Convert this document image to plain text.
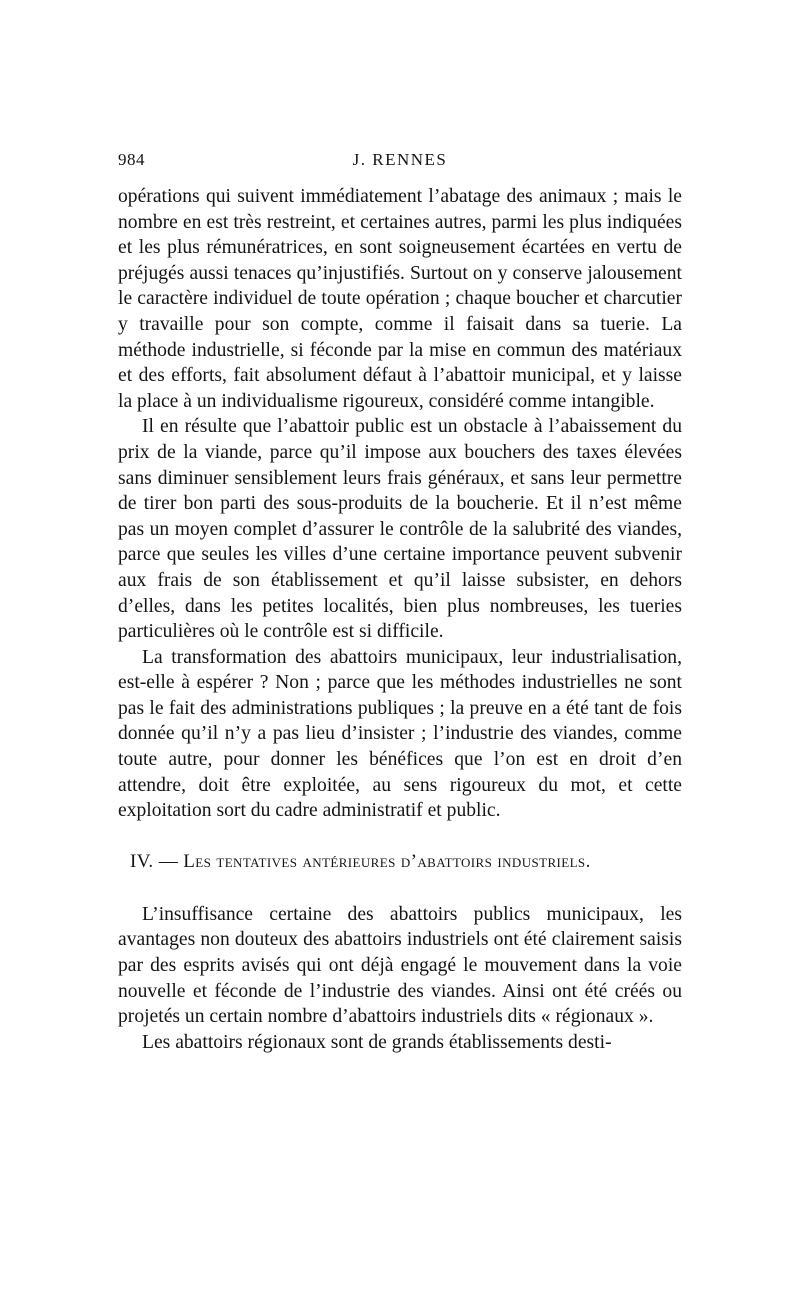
984	J. RENNES

opérations qui suivent immédiatement l’abatage des animaux ; mais le nombre en est très restreint, et certaines autres, parmi les plus indiquées et les plus rémunératrices, en sont soigneusement écartées en vertu de préjugés aussi tenaces qu’injustifiés. Surtout on y conserve jalousement le caractère individuel de toute opération ; chaque boucher et charcutier y travaille pour son compte, comme il faisait dans sa tuerie. La méthode industrielle, si féconde par la mise en commun des matériaux et des efforts, fait absolument défaut à l’abattoir municipal, et y laisse la place à un individualisme rigoureux, considéré comme intangible.

Il en résulte que l’abattoir public est un obstacle à l’abaissement du prix de la viande, parce qu’il impose aux bouchers des taxes élevées sans diminuer sensiblement leurs frais généraux, et sans leur permettre de tirer bon parti des sous-produits de la boucherie. Et il n’est même pas un moyen complet d’assurer le contrôle de la salubrité des viandes, parce que seules les villes d’une certaine importance peuvent subvenir aux frais de son établissement et qu’il laisse subsister, en dehors d’elles, dans les petites localités, bien plus nombreuses, les tueries particulières où le contrôle est si difficile.

La transformation des abattoirs municipaux, leur industrialisation, est-elle à espérer ? Non ; parce que les méthodes industrielles ne sont pas le fait des administrations publiques ; la preuve en a été tant de fois donnée qu’il n’y a pas lieu d’insister ; l’industrie des viandes, comme toute autre, pour donner les bénéfices que l’on est en droit d’en attendre, doit être exploitée, au sens rigoureux du mot, et cette exploitation sort du cadre administratif et public.

IV. — Les tentatives antérieures d’abattoirs industriels.

L’insuffisance certaine des abattoirs publics municipaux, les avantages non douteux des abattoirs industriels ont été clairement saisis par des esprits avisés qui ont déjà engagé le mouvement dans la voie nouvelle et féconde de l’industrie des viandes. Ainsi ont été créés ou projetés un certain nombre d’abattoirs industriels dits « régionaux ».

Les abattoirs régionaux sont de grands établissements desti-
